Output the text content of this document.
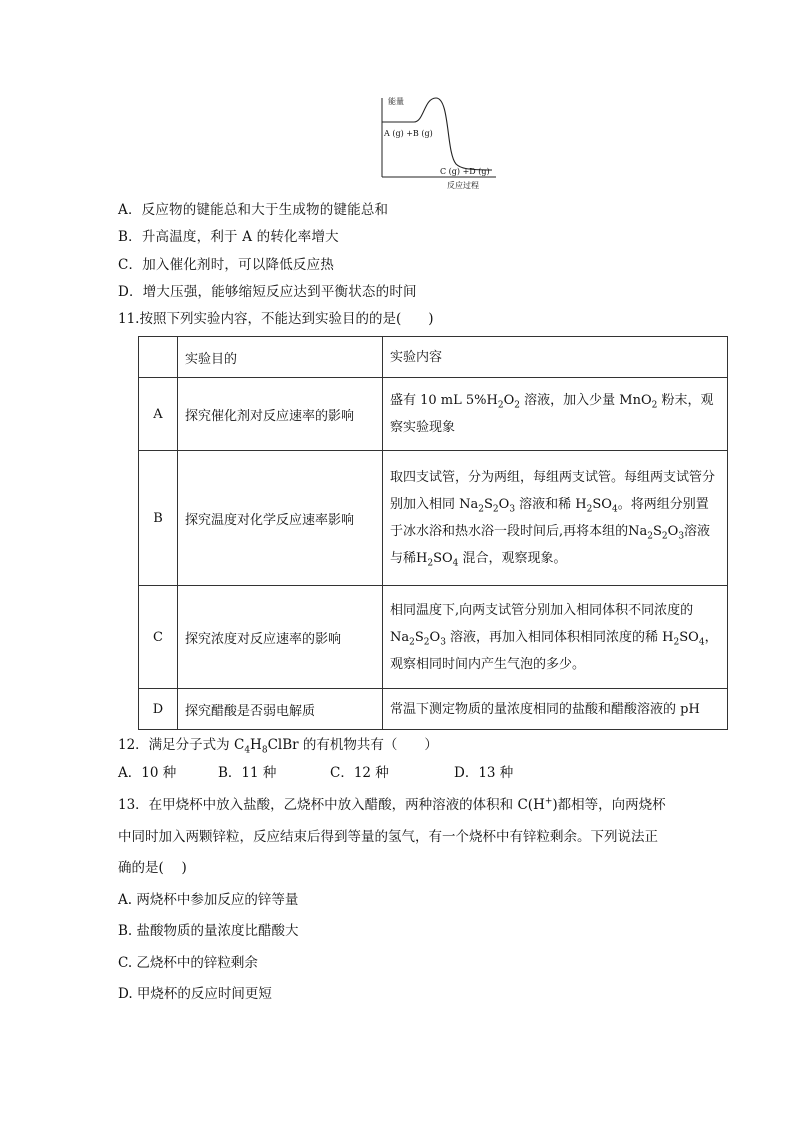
能量
A (g) +B (g)
C (g) +D (g)
反应过程
A．反应物的键能总和大于生成物的键能总和
B．升高温度，利于 A 的转化率增大
C．加入催化剂时，可以降低反应热
D．增大压强，能够缩短反应达到平衡状态的时间
11.按照下列实验内容，不能达到实验目的的是(　　)
	实验目的	实验内容
A	探究催化剂对反应速率的影响	盛有 10 mL $5\%H_2O_2$ 溶液，加入少量 MnO$_2$ 粉末，观察实验现象
B	探究温度对化学反应速率影响	取四支试管，分为两组，每组两支试管。每组两支试管分别加入相同 $Na_2S_2O_3$ 溶液和稀 $H_2SO_4$。将两组分别置于冰水浴和热水浴一段时间后,再将本组的$Na_2S_2O_3$溶液与稀$H_2SO_4$ 混合，观察现象。
C	探究浓度对反应速率的影响	相同温度下,向两支试管分别加入相同体积不同浓度的$Na_2S_2O_3$ 溶液，再加入相同体积相同浓度的稀 $H_2SO_4$，观察相同时间内产生气泡的多少。
D	探究醋酸是否弱电解质	常温下测定物质的量浓度相同的盐酸和醋酸溶液的 pH
12．满足分子式为 $C_4H_8ClBr$ 的有机物共有（　　）
A．10 种	B．11 种	C．12 种	D．13 种
13．在甲烧杯中放入盐酸，乙烧杯中放入醋酸，两种溶液的体积和 C(H+)都相等，向两烧杯
中同时加入两颗锌粒，反应结束后得到等量的氢气，有一个烧杯中有锌粒剩余。下列说法正
确的是(　 )
A. 两烧杯中参加反应的锌等量
B. 盐酸物质的量浓度比醋酸大
C. 乙烧杯中的锌粒剩余
D. 甲烧杯的反应时间更短
